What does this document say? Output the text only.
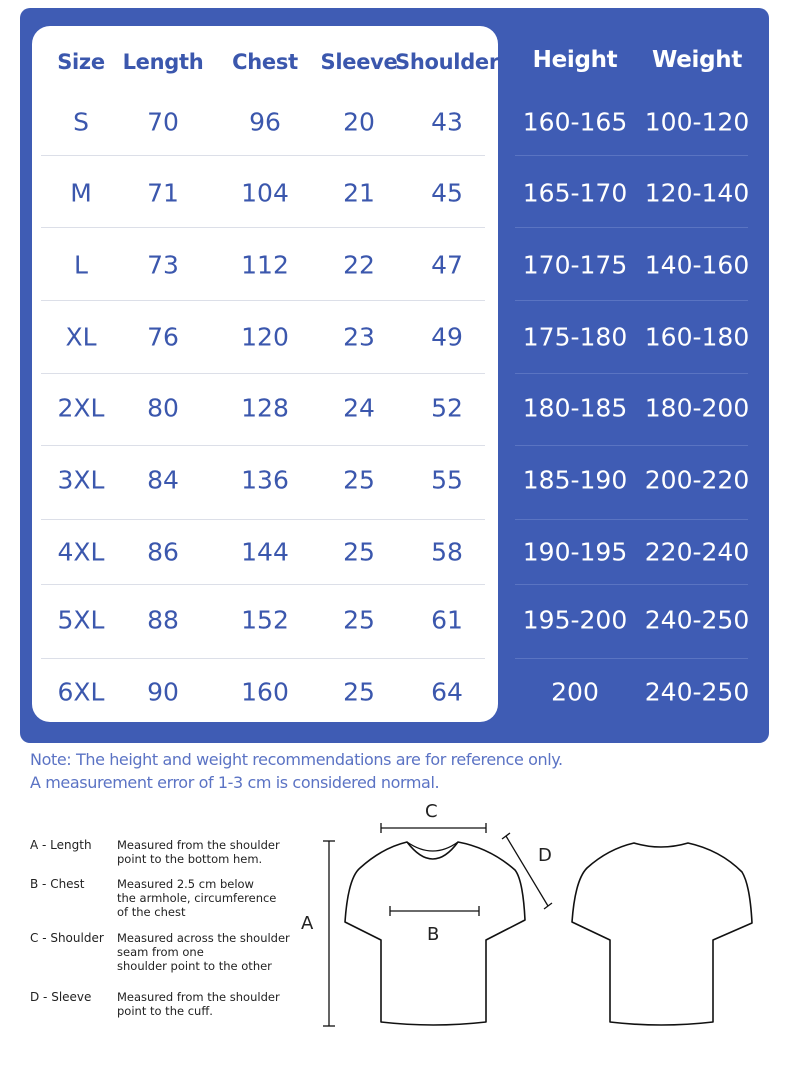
Size Length Chest Sleeve
Shoulder Height Weight
S 70	96 20 43
M 71 104 21 45
L 73 112 22 47
XL 76 120 23 49
2XL 80 128 24 52
3XL 84 136 25 55
4XL 86 144 25 58
5XL 88 152 25 61
6XL 90 160 25 64
160-165 100-120
165-170 120-140
170-175 140-160
175-180 160-180
180-185 180-200
185-190 200-220
190-195 220-240
195-200 240-250
200 240-250
Note: The height and weight recommendations are for reference only.
A measurement error of 1-3 cm is considered normal.
A - Length Measured from the shoulder
point to the bottom hem.
B - Chest	Measured 2.5 cm below
the armhole, circumference
of the chest
C - Shoulder Measured across the shoulder
seam from one
shoulder point to the other
D - Sleeve Measured from the shoulder
point to the cuff.
A
B
C
D
